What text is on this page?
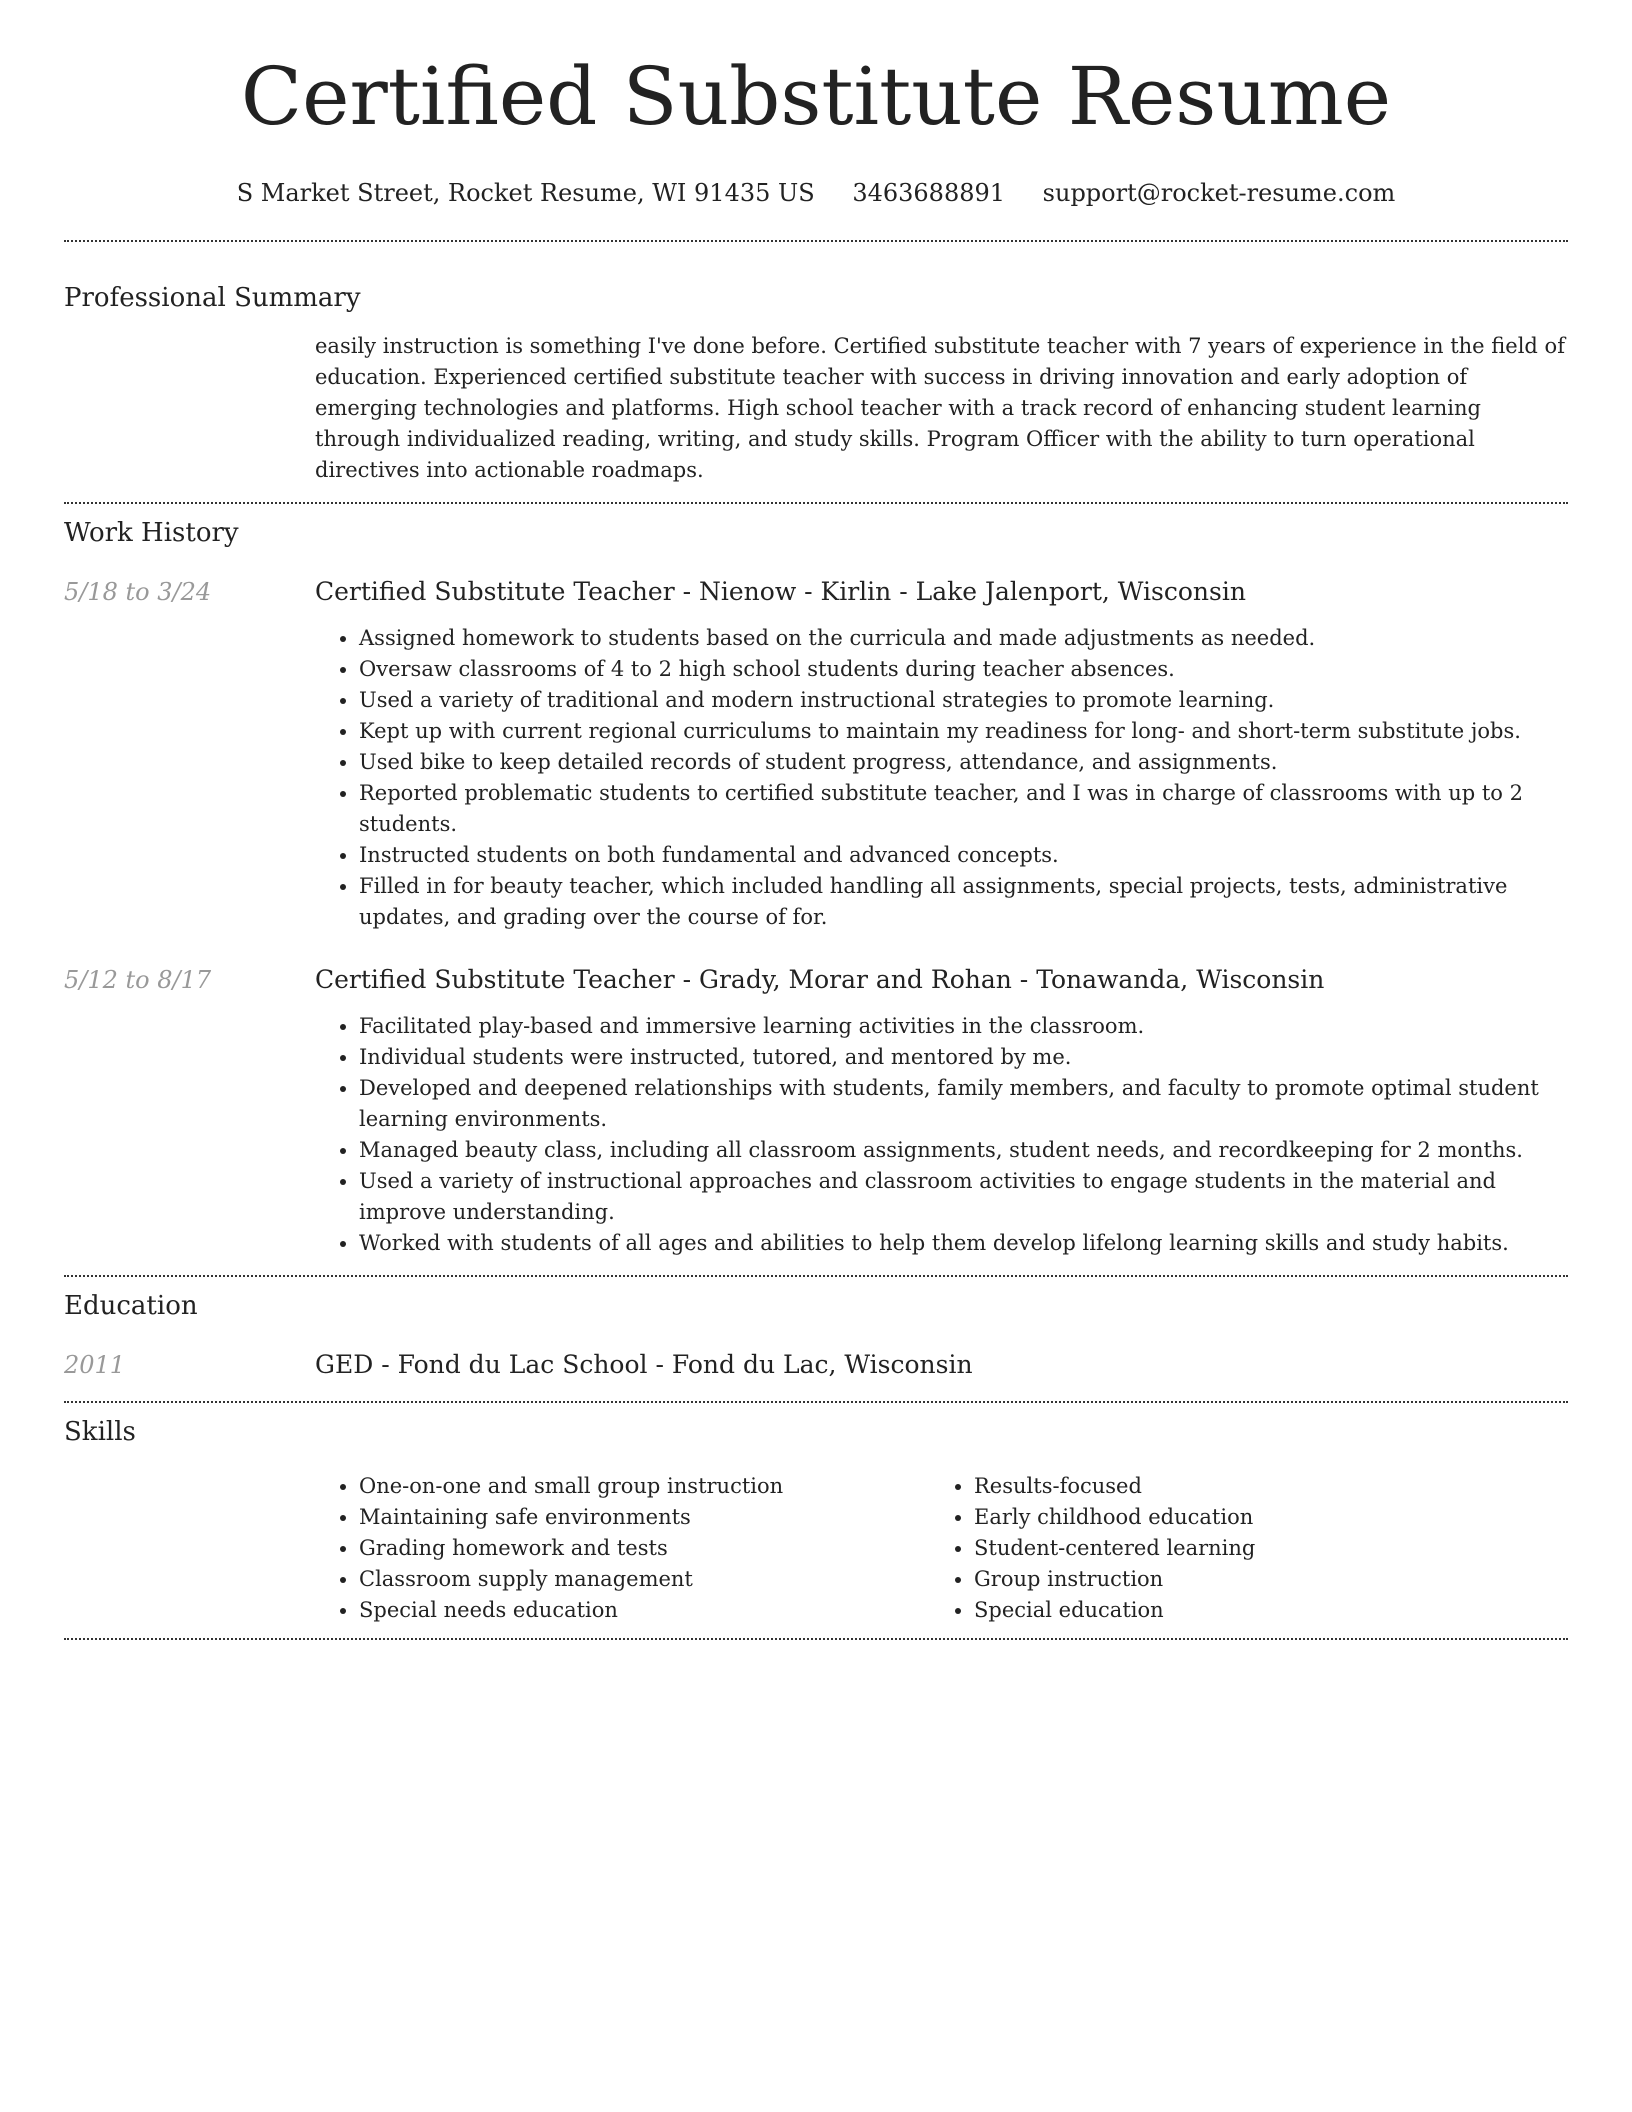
Certified Substitute Resume
S Market Street, Rocket Resume, WI 91435 US 3463688891 support@rocket-resume.com
Professional Summary

easily instruction is something I've done before. Certified substitute teacher with 7 years of experience in the field of education. Experienced certified substitute teacher with success in driving innovation and early adoption of emerging technologies and platforms. High school teacher with a track record of enhancing student learning through individualized reading, writing, and study skills. Program Officer with the ability to turn operational directives into actionable roadmaps.

Work History
5/18 to 3/24	Certified Substitute Teacher - Nienow - Kirlin - Lake Jalenport, Wisconsin
• Assigned homework to students based on the curricula and made adjustments as needed.
• Oversaw classrooms of 4 to 2 high school students during teacher absences.
• Used a variety of traditional and modern instructional strategies to promote learning.
• Kept up with current regional curriculums to maintain my readiness for long- and short-term substitute jobs.
• Used bike to keep detailed records of student progress, attendance, and assignments.
• Reported problematic students to certified substitute teacher, and I was in charge of classrooms with up to 2 students.
• Instructed students on both fundamental and advanced concepts.
• Filled in for beauty teacher, which included handling all assignments, special projects, tests, administrative updates, and grading over the course of for.
5/12 to 8/17	Certified Substitute Teacher - Grady, Morar and Rohan - Tonawanda, Wisconsin
• Facilitated play-based and immersive learning activities in the classroom.
• Individual students were instructed, tutored, and mentored by me.
• Developed and deepened relationships with students, family members, and faculty to promote optimal student learning environments.
• Managed beauty class, including all classroom assignments, student needs, and recordkeeping for 2 months.
• Used a variety of instructional approaches and classroom activities to engage students in the material and improve understanding.
• Worked with students of all ages and abilities to help them develop lifelong learning skills and study habits.
Education
2011	GED - Fond du Lac School - Fond du Lac, Wisconsin
Skills
• One-on-one and small group instruction
• Maintaining safe environments
• Grading homework and tests
• Classroom supply management
• Special needs education
• Results-focused
• Early childhood education
• Student-centered learning
• Group instruction
• Special education
